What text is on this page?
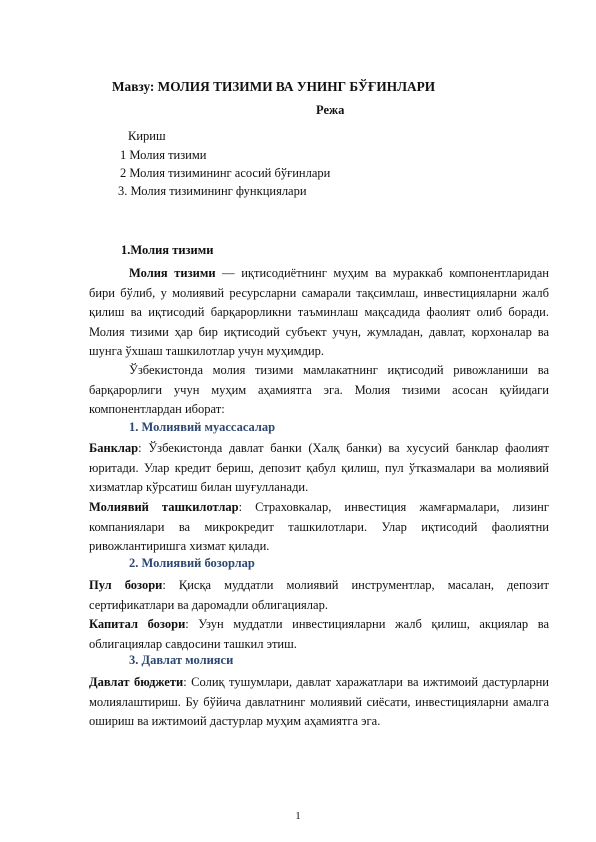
Мавзу: МОЛИЯ ТИЗИМИ ВА УНИНГ БЎҒИНЛАРИ

Режа

Кириш

1 Молия тизими

2 Молия тизимининг асосий бўғинлари

3. Молия тизимининг функциялари

1.Молия тизими

Молия тизими — иқтисодиётнинг муҳим ва мураккаб компонентларидан бири бўлиб, у молиявий ресурсларни самарали тақсимлаш, инвестицияларни жалб қилиш ва иқтисодий барқарорликни таъминлаш мақсадида фаолият олиб боради. Молия тизими ҳар бир иқтисодий субъект учун, жумладан, давлат, корхоналар ва шунга ўхшаш ташкилотлар учун муҳимдир.

Ўзбекистонда молия тизими мамлакатнинг иқтисодий ривожланиши ва барқарорлиги учун муҳим аҳамиятга эга. Молия тизими асосан қуйидаги компонентлардан иборат:

1. Молиявий муассасалар

Банклар: Ўзбекистонда давлат банки (Халқ банки) ва хусусий банклар фаолият юритади. Улар кредит бериш, депозит қабул қилиш, пул ўтказмалари ва молиявий хизматлар кўрсатиш билан шуғулланади.

Молиявий ташкилотлар: Страховкалар, инвестиция жамғармалари, лизинг компаниялари ва микрокредит ташкилотлари. Улар иқтисодий фаолиятни ривожлантиришга хизмат қилади.

2. Молиявий бозорлар

Пул бозори: Қисқа муддатли молиявий инструментлар, масалан, депозит сертификатлари ва даромадли облигациялар.

Капитал бозори: Узун муддатли инвестицияларни жалб қилиш, акциялар ва облигациялар савдосини ташкил этиш.

3. Давлат молияси

Давлат бюджети: Солиқ тушумлари, давлат харажатлари ва ижтимоий дастурларни молиялаштириш. Бу бўйича давлатнинг молиявий сиёсати, инвестицияларни амалга ошириш ва ижтимоий дастурлар муҳим аҳамиятга эга.

1
